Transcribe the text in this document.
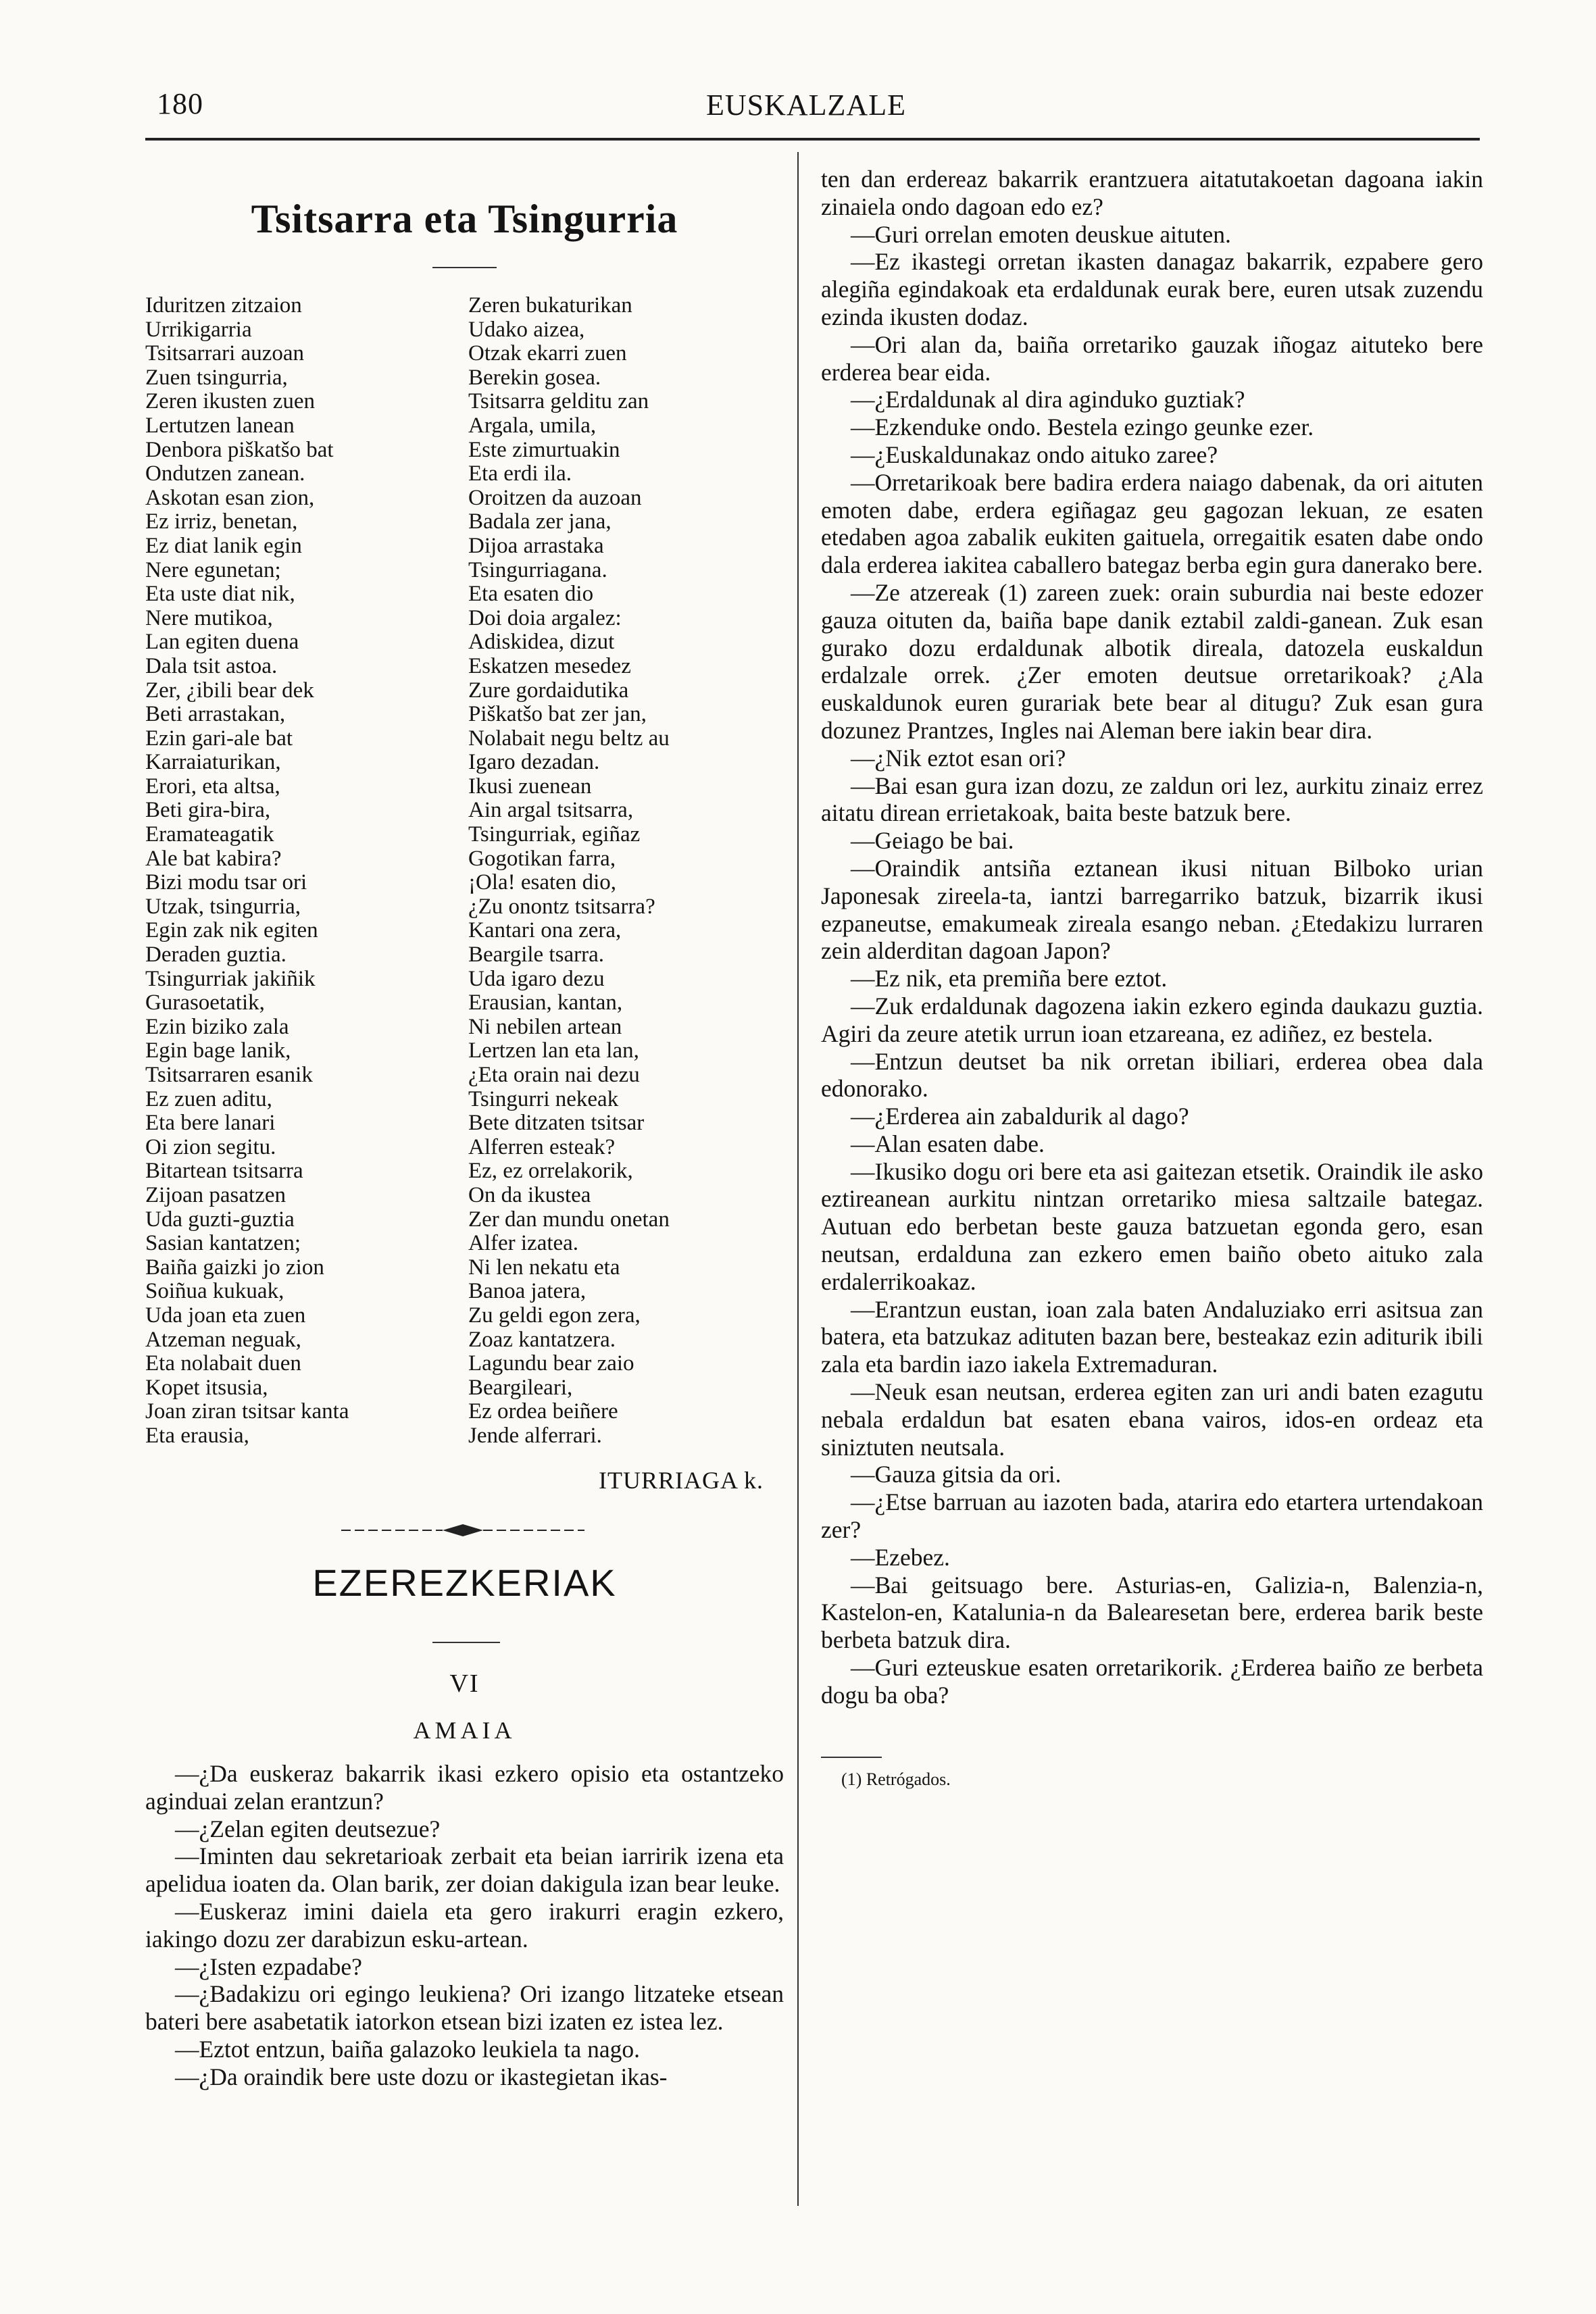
180	EUSKALZALE
Tsitsarra eta Tsingurria
Iduritzen zitzaion
Urrikigarria
Tsitsarrari auzoan
Zuen tsingurria,
Zeren ikusten zuen
Lertutzen lanean
Denbora piškatšo bat
Ondutzen zanean.
Askotan esan zion,
Ez irriz, benetan,
Ez diat lanik egin
Nere egunetan;
Eta uste diat nik,
Nere mutikoa,
Lan egiten duena
Dala tsit astoa.
Zer, ¿ibili bear dek
Beti arrastakan,
Ezin gari-ale bat
Karraiaturikan,
Erori, eta altsa,
Beti gira-bira,
Eramateagatik
Ale bat kabira?
Bizi modu tsar ori
Utzak, tsingurria,
Egin zak nik egiten
Deraden guztia.
Tsingurriak jakiñik
Gurasoetatik,
Ezin biziko zala
Egin bage lanik,
Tsitsarraren esanik
Ez zuen aditu,
Eta bere lanari
Oi zion segitu.
Bitartean tsitsarra
Zijoan pasatzen
Uda guzti-guztia
Sasian kantatzen;
Baiña gaizki jo zion
Soiñua kukuak,
Uda joan eta zuen
Atzeman neguak,
Eta nolabait duen
Kopet itsusia,
Joan ziran tsitsar kanta
Eta erausia,
Zeren bukaturikan
Udako aizea,
Otzak ekarri zuen
Berekin gosea.
Tsitsarra gelditu zan
Argala, umila,
Este zimurtuakin
Eta erdi ila.
Oroitzen da auzoan
Badala zer jana,
Dijoa arrastaka
Tsingurriagana.
Eta esaten dio
Doi doia argalez:
Adiskidea, dizut
Eskatzen mesedez
Zure gordaidutika
Piškatšo bat zer jan,
Nolabait negu beltz au
Igaro dezadan.
Ikusi zuenean
Ain argal tsitsarra,
Tsingurriak, egiñaz
Gogotikan farra,
¡Ola! esaten dio,
¿Zu onontz tsitsarra?
Kantari ona zera,
Beargile tsarra.
Uda igaro dezu
Erausian, kantan,
Ni nebilen artean
Lertzen lan eta lan,
¿Eta orain nai dezu
Tsingurri nekeak
Bete ditzaten tsitsar
Alferren esteak?
Ez, ez orrelakorik,
On da ikustea
Zer dan mundu onetan
Alfer izatea.
Ni len nekatu eta
Banoa jatera,
Zu geldi egon zera,
Zoaz kantatzera.
Lagundu bear zaio
Beargileari,
Ez ordea beiñere
Jende alferrari.
ITURRIAGA k.
EZEREZKERIAK
VI
AMAIA

—¿Da euskeraz bakarrik ikasi ezkero opisio eta ostantzeko aginduai zelan erantzun?

—¿Zelan egiten deutsezue?

—Iminten dau sekretarioak zerbait eta beian iarririk izena eta apelidua ioaten da. Olan barik, zer doian dakigula izan bear leuke.

—Euskeraz imini daiela eta gero irakurri eragin ezkero, iakingo dozu zer darabizun esku-artean.

—¿Isten ezpadabe?

—¿Badakizu ori egingo leukiena? Ori izango litzateke etsean bateri bere asabetatik iatorkon etsean bizi izaten ez istea lez.

—Eztot entzun, baiña galazoko leukiela ta nago.

—¿Da oraindik bere uste dozu or ikastegietan ikas-

ten dan erdereaz bakarrik erantzuera aitatutakoetan dagoana iakin zinaiela ondo dagoan edo ez?

—Guri orrelan emoten deuskue aituten.

—Ez ikastegi orretan ikasten danagaz bakarrik, ezpabere gero alegiña egindakoak eta erdaldunak eurak bere, euren utsak zuzendu ezinda ikusten dodaz.

—Ori alan da, baiña orretariko gauzak iñogaz aituteko bere erderea bear eida.

—¿Erdaldunak al dira aginduko guztiak?

—Ezkenduke ondo. Bestela ezingo geunke ezer.

—¿Euskaldunakaz ondo aituko zaree?

—Orretarikoak bere badira erdera naiago dabenak, da ori aituten emoten dabe, erdera egiñagaz geu gagozan lekuan, ze esaten etedaben agoa zabalik eukiten gaituela, orregaitik esaten dabe ondo dala erderea iakitea caballero bategaz berba egin gura danerako bere.

—Ze atzereak (1) zareen zuek: orain suburdia nai beste edozer gauza oituten da, baiña bape danik eztabil zaldi-ganean. Zuk esan gurako dozu erdaldunak albotik direala, datozela euskaldun erdalzale orrek. ¿Zer emoten deutsue orretarikoak? ¿Ala euskaldunok euren gurariak bete bear al ditugu? Zuk esan gura dozunez Prantzes, Ingles nai Aleman bere iakin bear dira.

—¿Nik eztot esan ori?

—Bai esan gura izan dozu, ze zaldun ori lez, aurkitu zinaiz errez aitatu direan errietakoak, baita beste batzuk bere.

—Geiago be bai.

—Oraindik antsiña eztanean ikusi nituan Bilboko urian Japonesak zireela-ta, iantzi barregarriko batzuk, bizarrik ikusi ezpaneutse, emakumeak zireala esango neban. ¿Etedakizu lurraren zein alderditan dagoan Japon?

—Ez nik, eta premiña bere eztot.

—Zuk erdaldunak dagozena iakin ezkero eginda daukazu guztia. Agiri da zeure atetik urrun ioan etzareana, ez adiñez, ez bestela.

—Entzun deutset ba nik orretan ibiliari, erderea obea dala edonorako.

—¿Erderea ain zabaldurik al dago?

—Alan esaten dabe.

—Ikusiko dogu ori bere eta asi gaitezan etsetik. Oraindik ile asko eztireanean aurkitu nintzan orretariko miesa saltzaile bategaz. Autuan edo berbetan beste gauza batzuetan egonda gero, esan neutsan, erdalduna zan ezkero emen baiño obeto aituko zala erdalerrikoakaz.

—Erantzun eustan, ioan zala baten Andaluziako erri asitsua zan batera, eta batzukaz adituten bazan bere, besteakaz ezin aditurik ibili zala eta bardin iazo iakela Extremaduran.

—Neuk esan neutsan, erderea egiten zan uri andi baten ezagutu nebala erdaldun bat esaten ebana vairos, idos-en ordeaz eta siniztuten neutsala.

—Gauza gitsia da ori.

—¿Etse barruan au iazoten bada, atarira edo etartera urtendakoan zer?

—Ezebez.

—Bai geitsuago bere. Asturias-en, Galizia-n, Balenzia-n, Kastelon-en, Katalunia-n da Balearesetan bere, erderea barik beste berbeta batzuk dira.

—Guri ezteuskue esaten orretarikorik. ¿Erderea baiño ze berbeta dogu ba oba?

(1) Retrógados.
